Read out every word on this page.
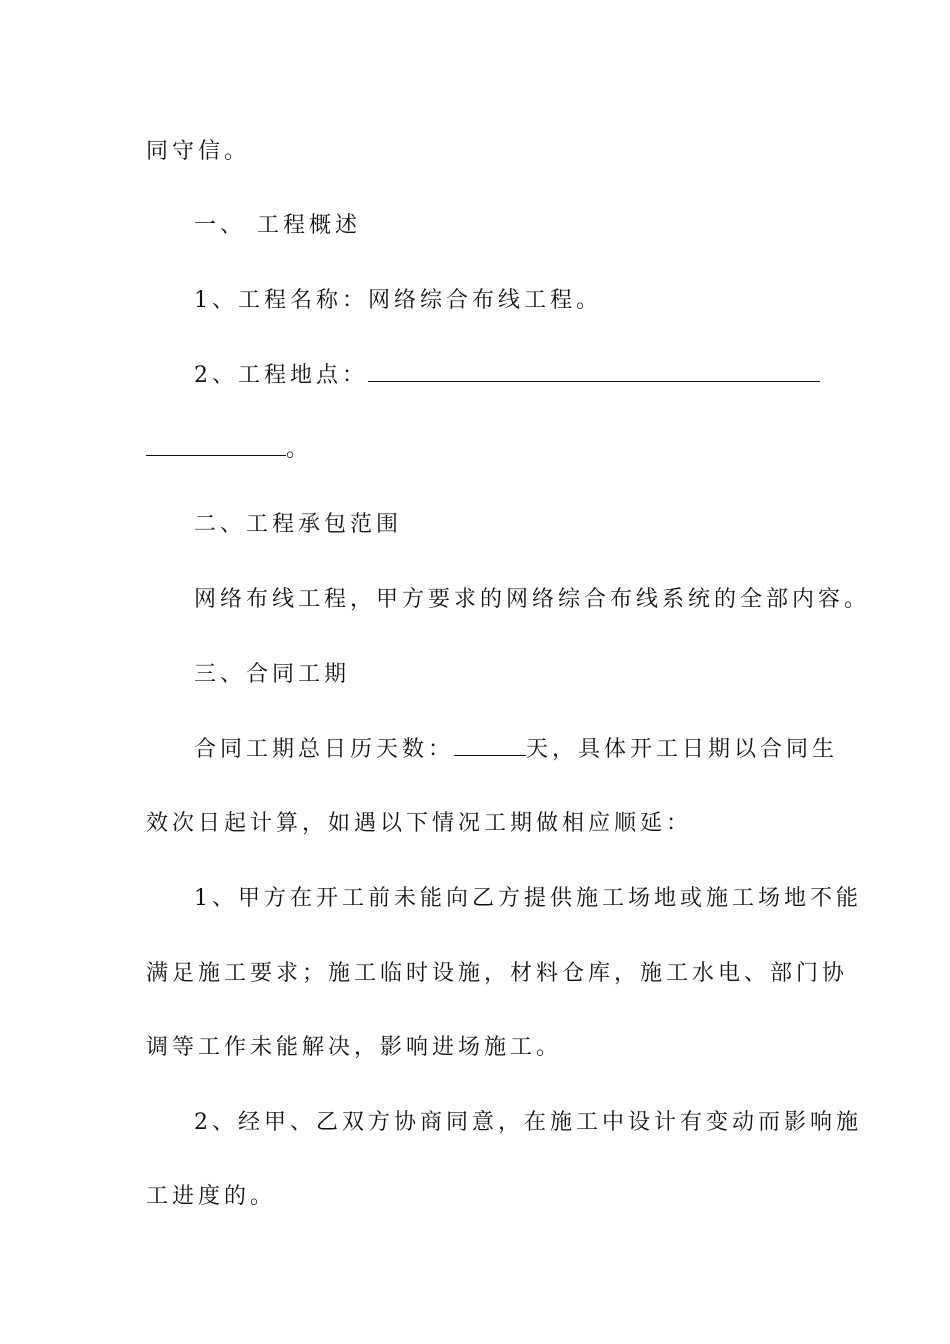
同守信。
一、 工程概述
1、工程名称：网络综合布线工程。
2、工程地点：
。
二、工程承包范围
网络布线工程，甲方要求的网络综合布线系统的全部内容。
三、合同工期
合同工期总日历天数：	天，具体开工日期以合同生
效次日起计算，如遇以下情况工期做相应顺延：
1、甲方在开工前未能向乙方提供施工场地或施工场地不能
满足施工要求；施工临时设施，材料仓库，施工水电、部门协
调等工作未能解决，影响进场施工。
2、经甲、乙双方协商同意，在施工中设计有变动而影响施
工进度的。
